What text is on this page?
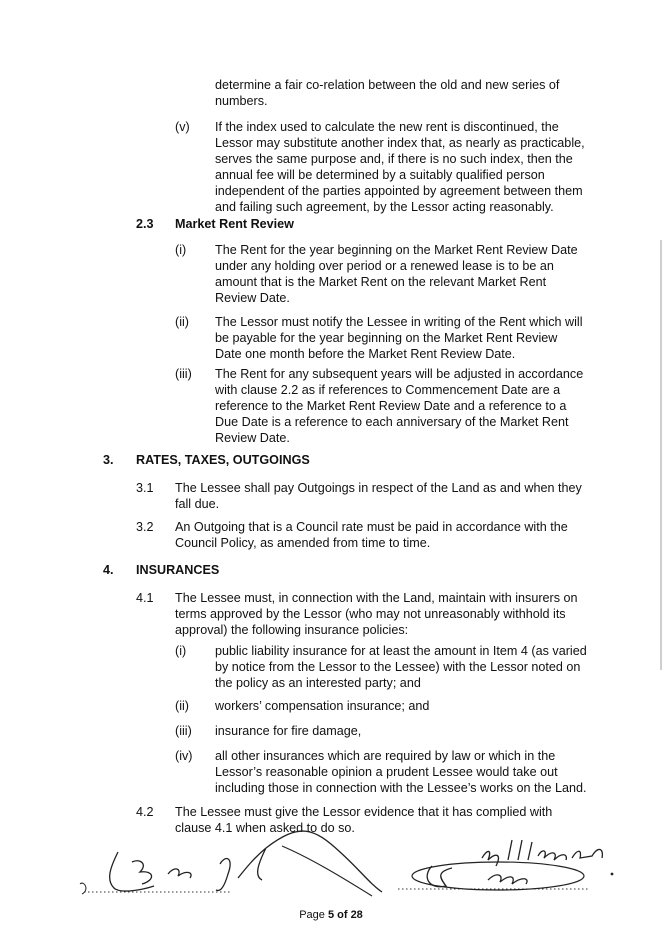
determine a fair co-relation between the old and new series of numbers.
(v) If the index used to calculate the new rent is discontinued, the Lessor may substitute another index that, as nearly as practicable, serves the same purpose and, if there is no such index, then the annual fee will be determined by a suitably qualified person independent of the parties appointed by agreement between them and failing such agreement, by the Lessor acting reasonably.
2.3 Market Rent Review
(i) The Rent for the year beginning on the Market Rent Review Date under any holding over period or a renewed lease is to be an amount that is the Market Rent on the relevant Market Rent Review Date.
(ii) The Lessor must notify the Lessee in writing of the Rent which will be payable for the year beginning on the Market Rent Review Date one month before the Market Rent Review Date.
(iii) The Rent for any subsequent years will be adjusted in accordance with clause 2.2 as if references to Commencement Date are a reference to the Market Rent Review Date and a reference to a Due Date is a reference to each anniversary of the Market Rent Review Date.
3. RATES, TAXES, OUTGOINGS
3.1 The Lessee shall pay Outgoings in respect of the Land as and when they fall due.
3.2 An Outgoing that is a Council rate must be paid in accordance with the Council Policy, as amended from time to time.
4. INSURANCES
4.1 The Lessee must, in connection with the Land, maintain with insurers on terms approved by the Lessor (who may not unreasonably withhold its approval) the following insurance policies:
(i) public liability insurance for at least the amount in Item 4 (as varied by notice from the Lessor to the Lessee) with the Lessor noted on the policy as an interested party; and
(ii) workers’ compensation insurance; and
(iii) insurance for fire damage,
(iv) all other insurances which are required by law or which in the Lessor’s reasonable opinion a prudent Lessee would take out including those in connection with the Lessee’s works on the Land.
4.2 The Lessee must give the Lessor evidence that it has complied with clause 4.1 when asked to do so.
Page 5 of 28
